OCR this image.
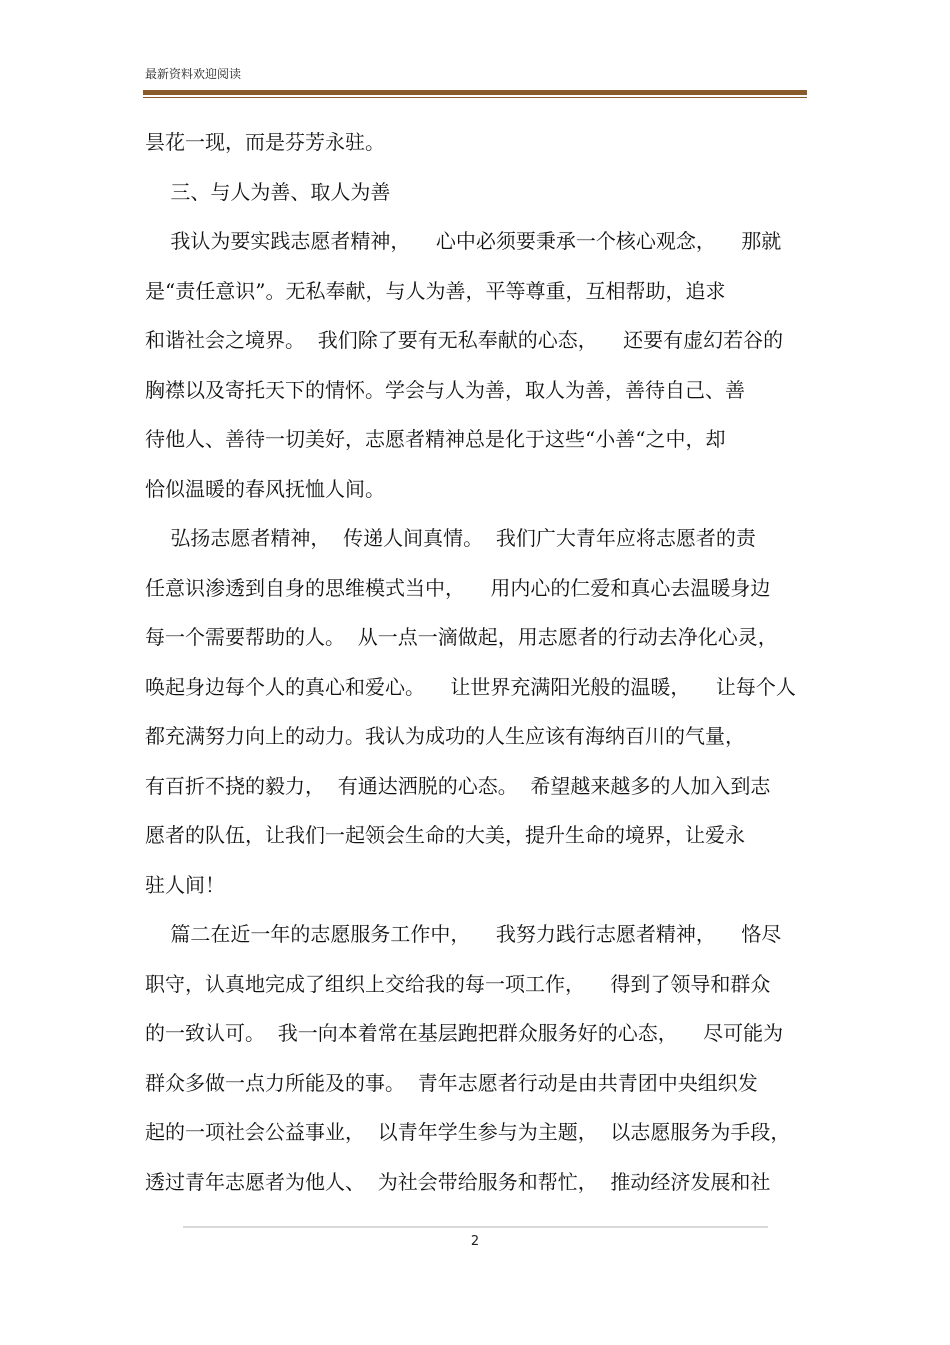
最新资料欢迎阅读
昙花一现，而是芬芳永驻。
三、与人为善、取人为善
我认为要实践志愿者精神，    心中必须要秉承一个核心观念，    那就
是“责任意识”。无私奉献，与人为善，平等尊重，互相帮助，追求
和谐社会之境界。  我们除了要有无私奉献的心态，    还要有虚幻若谷的
胸襟以及寄托天下的情怀。学会与人为善，取人为善，善待自己、善
待他人、善待一切美好，志愿者精神总是化于这些“小善“之中，却
恰似温暖的春风抚恤人间。
弘扬志愿者精神，  传递人间真情。  我们广大青年应将志愿者的责
任意识渗透到自身的思维模式当中，    用内心的仁爱和真心去温暖身边
每一个需要帮助的人。  从一点一滴做起，用志愿者的行动去净化心灵，
唤起身边每个人的真心和爱心。    让世界充满阳光般的温暖，    让每个人
都充满努力向上的动力。我认为成功的人生应该有海纳百川的气量，
有百折不挠的毅力，  有通达洒脱的心态。  希望越来越多的人加入到志
愿者的队伍，让我们一起领会生命的大美，提升生命的境界，让爱永
驻人间！
篇二在近一年的志愿服务工作中，    我努力践行志愿者精神，    恪尽
职守，认真地完成了组织上交给我的每一项工作，    得到了领导和群众
的一致认可。  我一向本着常在基层跑把群众服务好的心态，    尽可能为
群众多做一点力所能及的事。  青年志愿者行动是由共青团中央组织发
起的一项社会公益事业，  以青年学生参与为主题，  以志愿服务为手段，
透过青年志愿者为他人、  为社会带给服务和帮忙，  推动经济发展和社
2
